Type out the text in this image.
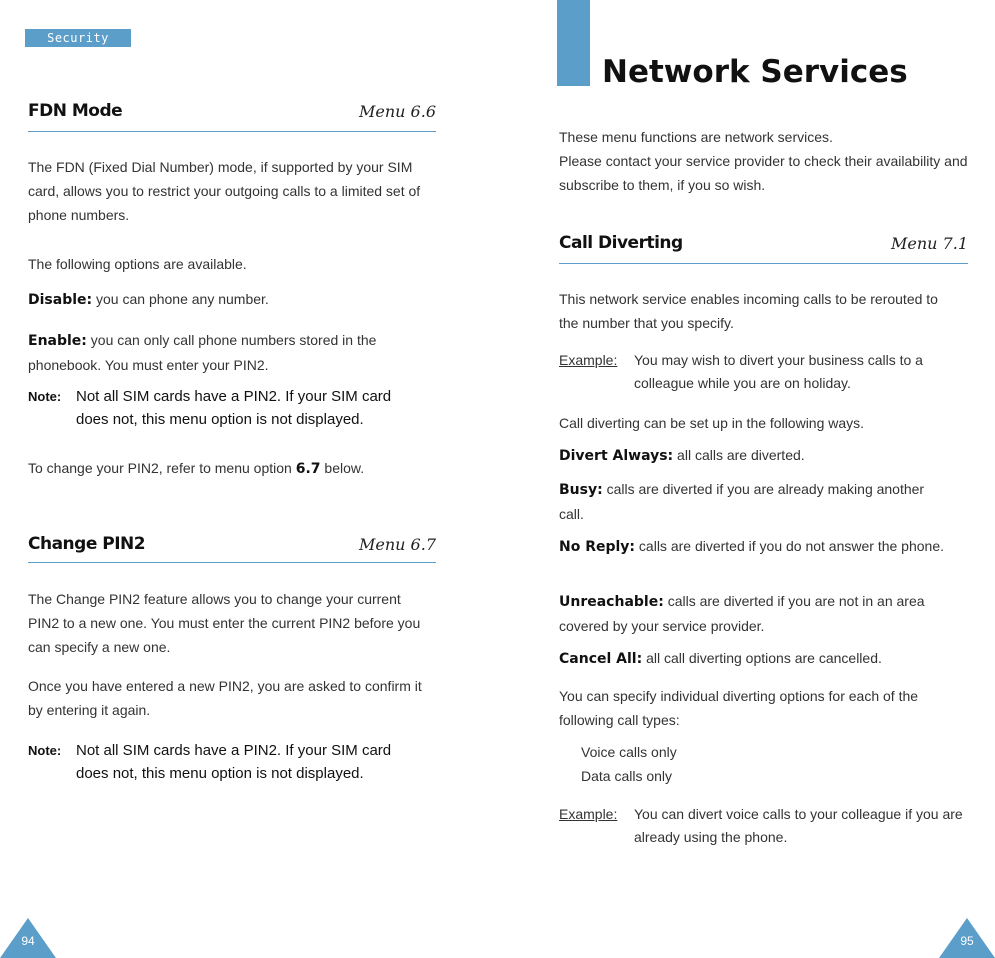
Security
FDN Mode	Menu 6.6

The FDN (Fixed Dial Number) mode, if supported by your SIM card, allows you to restrict your outgoing calls to a limited set of phone numbers.

The following options are available.

Disable: you can phone any number.

Enable: you can only call phone numbers stored in the phonebook. You must enter your PIN2.

Note: Not all SIM cards have a PIN2. If your SIM card does not, this menu option is not displayed.

To change your PIN2, refer to menu option 6.7 below.

Change PIN2	Menu 6.7

The Change PIN2 feature allows you to change your current PIN2 to a new one. You must enter the current PIN2 before you can specify a new one.

Once you have entered a new PIN2, you are asked to confirm it by entering it again.

Note: Not all SIM cards have a PIN2. If your SIM card does not, this menu option is not displayed.
94
Network Services

These menu functions are network services.
Please contact your service provider to check their availability and subscribe to them, if you so wish.

Call Diverting	Menu 7.1

This network service enables incoming calls to be rerouted to the number that you specify.

Example:	You may wish to divert your business calls to a colleague while you are on holiday.

Call diverting can be set up in the following ways.

Divert Always: all calls are diverted.

Busy: calls are diverted if you are already making another call.

No Reply: calls are diverted if you do not answer the phone.

Unreachable: calls are diverted if you are not in an area covered by your service provider.

Cancel All: all call diverting options are cancelled.

You can specify individual diverting options for each of the following call types:

Voice calls only

Data calls only

Example:	You can divert voice calls to your colleague if you are already using the phone.
95
